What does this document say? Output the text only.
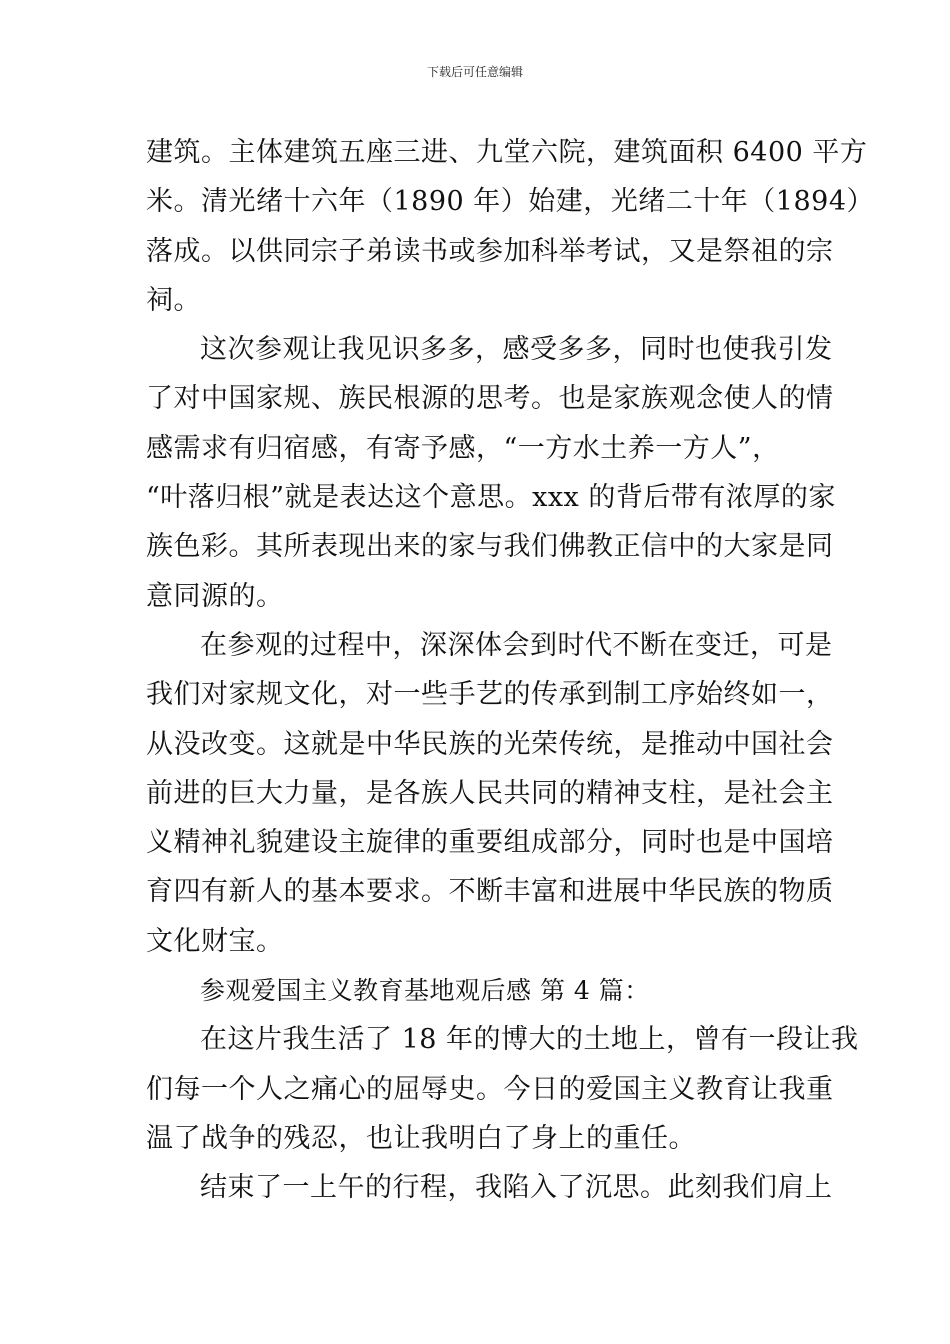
下载后可任意编辑
建筑。主体建筑五座三进、九堂六院，建筑面积 6400 平方
米。清光绪十六年（1890 年）始建，光绪二十年（1894）
落成。以供同宗子弟读书或参加科举考试，又是祭祖的宗
祠。
这次参观让我见识多多，感受多多，同时也使我引发
了对中国家规、族民根源的思考。也是家族观念使人的情
感需求有归宿感，有寄予感，“一方水土养一方人”，
“叶落归根”就是表达这个意思。xxx 的背后带有浓厚的家
族色彩。其所表现出来的家与我们佛教正信中的大家是同
意同源的。
在参观的过程中，深深体会到时代不断在变迁，可是
我们对家规文化，对一些手艺的传承到制工序始终如一，
从没改变。这就是中华民族的光荣传统，是推动中国社会
前进的巨大力量，是各族人民共同的精神支柱，是社会主
义精神礼貌建设主旋律的重要组成部分，同时也是中国培
育四有新人的基本要求。不断丰富和进展中华民族的物质
文化财宝。
参观爱国主义教育基地观后感 第 4 篇：
在这片我生活了 18 年的博大的土地上，曾有一段让我
们每一个人之痛心的屈辱史。今日的爱国主义教育让我重
温了战争的残忍，也让我明白了身上的重任。
结束了一上午的行程，我陷入了沉思。此刻我们肩上
